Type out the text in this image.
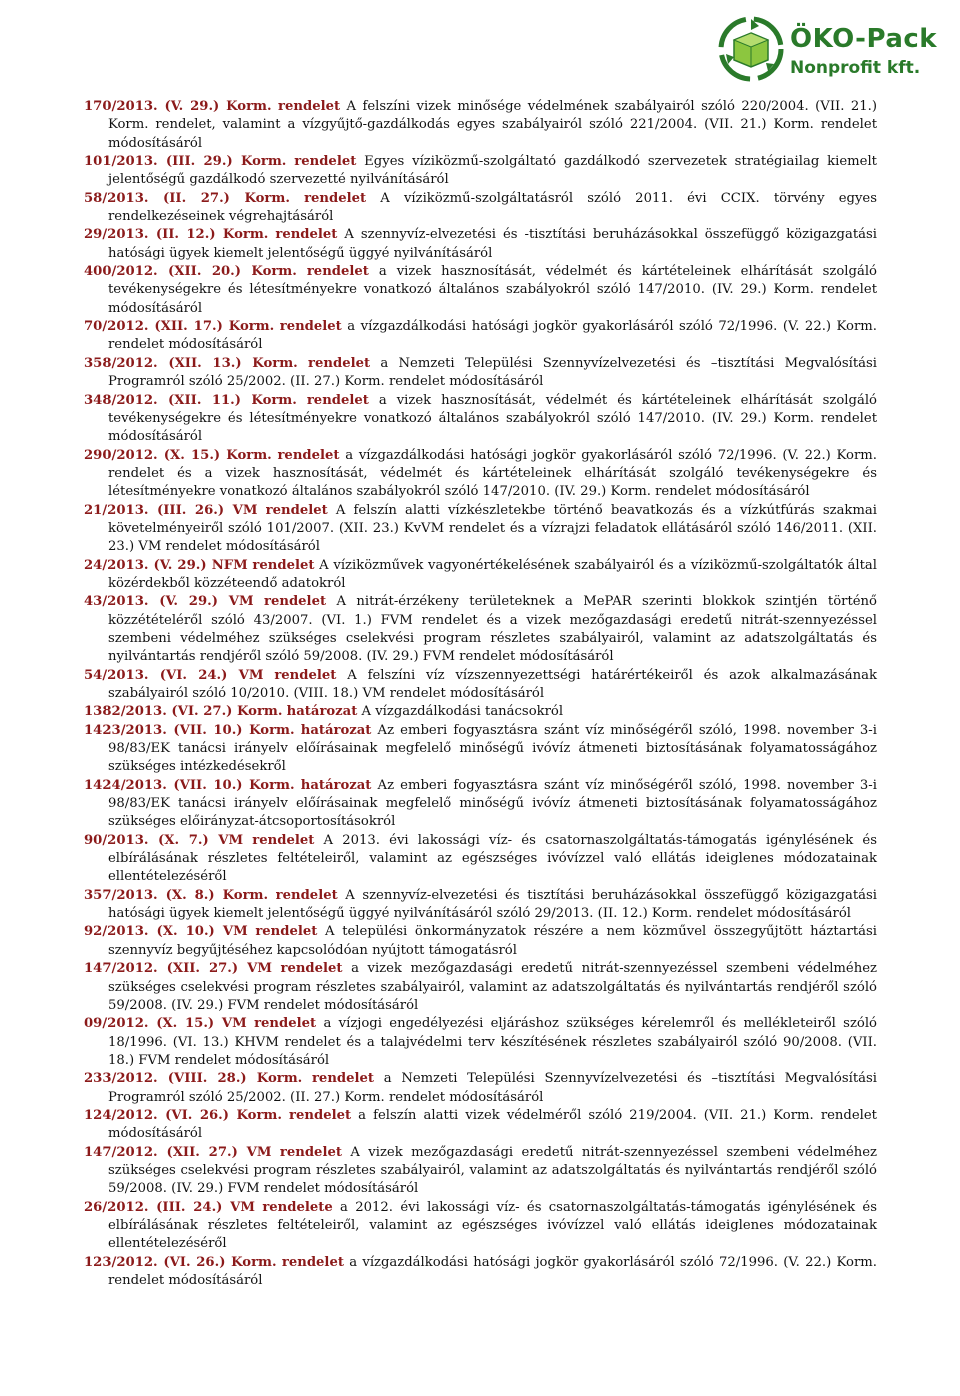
ÖKO-Pack
Nonprofit kft.

170/2013. (V. 29.) Korm. rendelet A felszíni vizek minősége védelmének szabályairól szóló 220/2004. (VII. 21.) Korm. rendelet, valamint a vízgyűjtő-gazdálkodás egyes szabályairól szóló 221/2004. (VII. 21.) Korm. rendelet módosításáról

101/2013. (III. 29.) Korm. rendelet Egyes víziközmű-szolgáltató gazdálkodó szervezetek stratégiailag kiemelt jelentőségű gazdálkodó szervezetté nyilvánításáról

58/2013. (II. 27.) Korm. rendelet A víziközmű-szolgáltatásról szóló 2011. évi CCIX. törvény egyes rendelkezéseinek végrehajtásáról

29/2013. (II. 12.) Korm. rendelet A szennyvíz-elvezetési és -tisztítási beruházásokkal összefüggő közigazgatási hatósági ügyek kiemelt jelentőségű üggyé nyilvánításáról

400/2012. (XII. 20.) Korm. rendelet a vizek hasznosítását, védelmét és kártételeinek elhárítását szolgáló tevékenységekre és létesítményekre vonatkozó általános szabályokról szóló 147/2010. (IV. 29.) Korm. rendelet módosításáról

70/2012. (XII. 17.) Korm. rendelet a vízgazdálkodási hatósági jogkör gyakorlásáról szóló 72/1996. (V. 22.) Korm. rendelet módosításáról

358/2012. (XII. 13.) Korm. rendelet a Nemzeti Települési Szennyvízelvezetési és –tisztítási Megvalósítási Programról szóló 25/2002. (II. 27.) Korm. rendelet módosításáról

348/2012. (XII. 11.) Korm. rendelet a vizek hasznosítását, védelmét és kártételeinek elhárítását szolgáló tevékenységekre és létesítményekre vonatkozó általános szabályokról szóló 147/2010. (IV. 29.) Korm. rendelet módosításáról

290/2012. (X. 15.) Korm. rendelet a vízgazdálkodási hatósági jogkör gyakorlásáról szóló 72/1996. (V. 22.) Korm. rendelet és a vizek hasznosítását, védelmét és kártételeinek elhárítását szolgáló tevékenységekre és létesítményekre vonatkozó általános szabályokról szóló 147/2010. (IV. 29.) Korm. rendelet módosításáról

21/2013. (III. 26.) VM rendelet A felszín alatti vízkészletekbe történő beavatkozás és a vízkútfúrás szakmai követelményeiről szóló 101/2007. (XII. 23.) KvVM rendelet és a vízrajzi feladatok ellátásáról szóló 146/2011. (XII. 23.) VM rendelet módosításáról

24/2013. (V. 29.) NFM rendelet A víziközművek vagyonértékelésének szabályairól és a víziközmű-szolgáltatók által közérdekből közzéteendő adatokról

43/2013. (V. 29.) VM rendelet A nitrát-érzékeny területeknek a MePAR szerinti blokkok szintjén történő közzétételéről szóló 43/2007. (VI. 1.) FVM rendelet és a vizek mezőgazdasági eredetű nitrát-szennyezéssel szembeni védelméhez szükséges cselekvési program részletes szabályairól, valamint az adatszolgáltatás és nyilvántartás rendjéről szóló 59/2008. (IV. 29.) FVM rendelet módosításáról

54/2013. (VI. 24.) VM rendelet A felszíni víz vízszennyezettségi határértékeiről és azok alkalmazásának szabályairól szóló 10/2010. (VIII. 18.) VM rendelet módosításáról

1382/2013. (VI. 27.) Korm. határozat A vízgazdálkodási tanácsokról

1423/2013. (VII. 10.) Korm. határozat Az emberi fogyasztásra szánt víz minőségéről szóló, 1998. november 3-i 98/83/EK tanácsi irányelv előírásainak megfelelő minőségű ivóvíz átmeneti biztosításának folyamatosságához szükséges intézkedésekről

1424/2013. (VII. 10.) Korm. határozat Az emberi fogyasztásra szánt víz minőségéről szóló, 1998. november 3-i 98/83/EK tanácsi irányelv előírásainak megfelelő minőségű ivóvíz átmeneti biztosításának folyamatosságához szükséges előirányzat-átcsoportosításokról

90/2013. (X. 7.) VM rendelet A 2013. évi lakossági víz- és csatornaszolgáltatás-támogatás igénylésének és elbírálásának részletes feltételeiről, valamint az egészséges ivóvízzel való ellátás ideiglenes módozatainak ellentételezéséről

357/2013. (X. 8.) Korm. rendelet A szennyvíz-elvezetési és tisztítási beruházásokkal összefüggő közigazgatási hatósági ügyek kiemelt jelentőségű üggyé nyilvánításáról szóló 29/2013. (II. 12.) Korm. rendelet módosításáról

92/2013. (X. 10.) VM rendelet A települési önkormányzatok részére a nem közművel összegyűjtött háztartási szennyvíz begyűjtéséhez kapcsolódóan nyújtott támogatásról

147/2012. (XII. 27.) VM rendelet a vizek mezőgazdasági eredetű nitrát-szennyezéssel szembeni védelméhez szükséges cselekvési program részletes szabályairól, valamint az adatszolgáltatás és nyilvántartás rendjéről szóló 59/2008. (IV. 29.) FVM rendelet módosításáról

09/2012. (X. 15.) VM rendelet a vízjogi engedélyezési eljáráshoz szükséges kérelemről és mellékleteiről szóló 18/1996. (VI. 13.) KHVM rendelet és a talajvédelmi terv készítésének részletes szabályairól szóló 90/2008. (VII. 18.) FVM rendelet módosításáról

233/2012. (VIII. 28.) Korm. rendelet a Nemzeti Települési Szennyvízelvezetési és –tisztítási Megvalósítási Programról szóló 25/2002. (II. 27.) Korm. rendelet módosításáról

124/2012. (VI. 26.) Korm. rendelet a felszín alatti vizek védelméről szóló 219/2004. (VII. 21.) Korm. rendelet módosításáról

147/2012. (XII. 27.) VM rendelet A vizek mezőgazdasági eredetű nitrát-szennyezéssel szembeni védelméhez szükséges cselekvési program részletes szabályairól, valamint az adatszolgáltatás és nyilvántartás rendjéről szóló 59/2008. (IV. 29.) FVM rendelet módosításáról

26/2012. (III. 24.) VM rendelete a 2012. évi lakossági víz- és csatornaszolgáltatás-támogatás igénylésének és elbírálásának részletes feltételeiről, valamint az egészséges ivóvízzel való ellátás ideiglenes módozatainak ellentételezéséről

123/2012. (VI. 26.) Korm. rendelet a vízgazdálkodási hatósági jogkör gyakorlásáról szóló 72/1996. (V. 22.) Korm. rendelet módosításáról
